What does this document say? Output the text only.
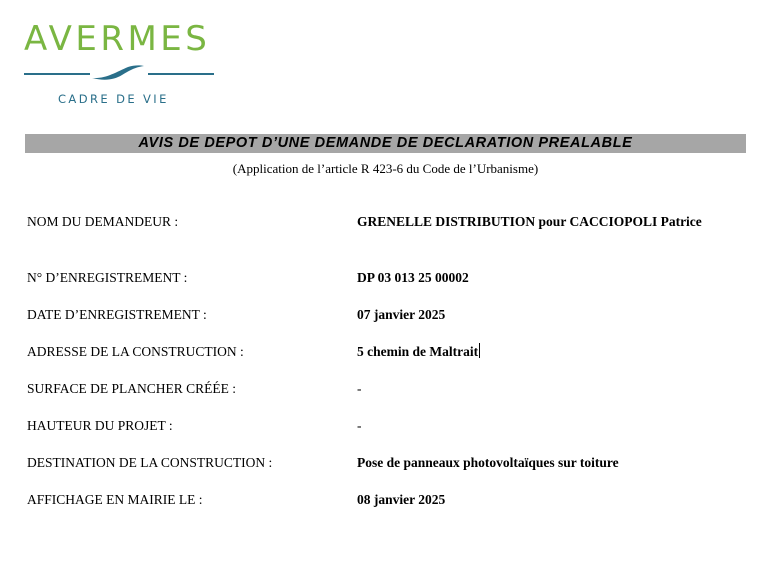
AVERMES
CADRE DE VIE
AVIS DE DEPOT D’UNE DEMANDE DE DECLARATION PREALABLE
(Application de l’article R 423-6 du Code de l’Urbanisme)
NOM DU DEMANDEUR :	GRENELLE DISTRIBUTION pour CACCIOPOLI Patrice
N° D’ENREGISTREMENT :	DP 03 013 25 00002
DATE D’ENREGISTREMENT :	07 janvier 2025
ADRESSE DE LA CONSTRUCTION :	5 chemin de Maltrait
SURFACE DE PLANCHER CRÉÉE :	-
HAUTEUR DU PROJET :	-
DESTINATION DE LA CONSTRUCTION :	Pose de panneaux photovoltaïques sur toiture
AFFICHAGE EN MAIRIE LE :	08 janvier 2025
